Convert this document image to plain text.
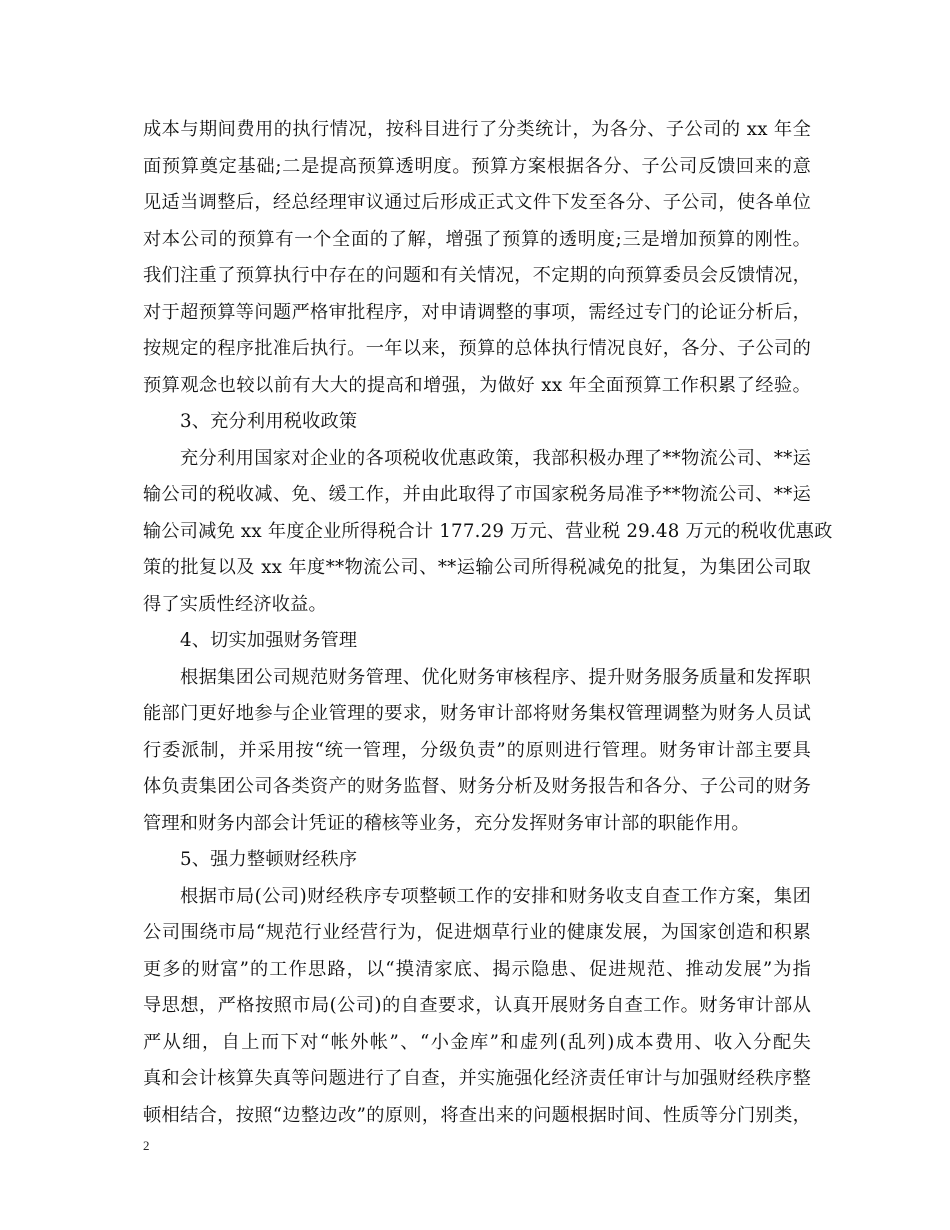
成本与期间费用的执行情况，按科目进行了分类统计，为各分、子公司的 xx 年全
面预算奠定基础;二是提高预算透明度。预算方案根据各分、子公司反馈回来的意
见适当调整后，经总经理审议通过后形成正式文件下发至各分、子公司，使各单位
对本公司的预算有一个全面的了解，增强了预算的透明度;三是增加预算的刚性。
我们注重了预算执行中存在的问题和有关情况，不定期的向预算委员会反馈情况，
对于超预算等问题严格审批程序，对申请调整的事项，需经过专门的论证分析后，
按规定的程序批准后执行。一年以来，预算的总体执行情况良好，各分、子公司的
预算观念也较以前有大大的提高和增强，为做好 xx 年全面预算工作积累了经验。
3、充分利用税收政策
充分利用国家对企业的各项税收优惠政策，我部积极办理了**物流公司、**运
输公司的税收减、免、缓工作，并由此取得了市国家税务局准予**物流公司、**运
输公司减免 xx 年度企业所得税合计 177.29 万元、营业税 29.48 万元的税收优惠政
策的批复以及 xx 年度**物流公司、**运输公司所得税减免的批复，为集团公司取
得了实质性经济收益。
4、切实加强财务管理
根据集团公司规范财务管理、优化财务审核程序、提升财务服务质量和发挥职
能部门更好地参与企业管理的要求，财务审计部将财务集权管理调整为财务人员试
行委派制，并采用按“统一管理，分级负责”的原则进行管理。财务审计部主要具
体负责集团公司各类资产的财务监督、财务分析及财务报告和各分、子公司的财务
管理和财务内部会计凭证的稽核等业务，充分发挥财务审计部的职能作用。
5、强力整顿财经秩序
根据市局(公司)财经秩序专项整顿工作的安排和财务收支自查工作方案，集团
公司围绕市局“规范行业经营行为，促进烟草行业的健康发展，为国家创造和积累
更多的财富”的工作思路，以“摸清家底、揭示隐患、促进规范、推动发展”为指
导思想，严格按照市局(公司)的自查要求，认真开展财务自查工作。财务审计部从
严从细，自上而下对“帐外帐”、“小金库”和虚列(乱列)成本费用、收入分配失
真和会计核算失真等问题进行了自查，并实施强化经济责任审计与加强财经秩序整
顿相结合，按照“边整边改”的原则，将查出来的问题根据时间、性质等分门别类，
2
